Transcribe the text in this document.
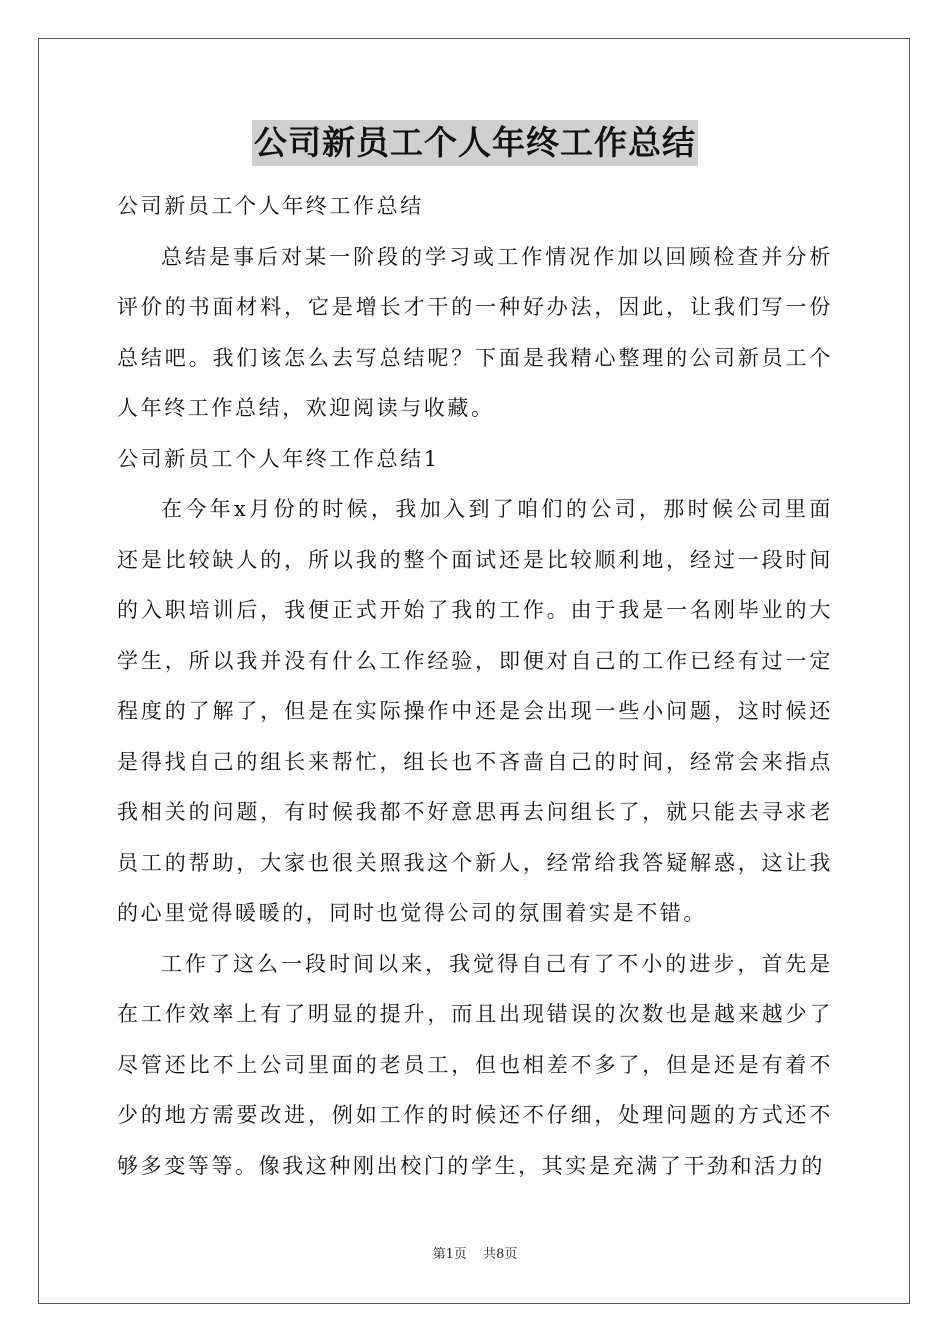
公司新员工个人年终工作总结

公司新员工个人年终工作总结

总结是事后对某一阶段的学习或工作情况作加以回顾检查并分析评价的书面材料，它是增长才干的一种好办法，因此，让我们写一份总结吧。我们该怎么去写总结呢？下面是我精心整理的公司新员工个人年终工作总结，欢迎阅读与收藏。

公司新员工个人年终工作总结1

在今年x月份的时候，我加入到了咱们的公司，那时候公司里面还是比较缺人的，所以我的整个面试还是比较顺利地，经过一段时间的入职培训后，我便正式开始了我的工作。由于我是一名刚毕业的大学生，所以我并没有什么工作经验，即便对自己的工作已经有过一定程度的了解了，但是在实际操作中还是会出现一些小问题，这时候还是得找自己的组长来帮忙，组长也不吝啬自己的时间，经常会来指点我相关的问题，有时候我都不好意思再去问组长了，就只能去寻求老员工的帮助，大家也很关照我这个新人，经常给我答疑解惑，这让我的心里觉得暖暖的，同时也觉得公司的氛围着实是不错。

工作了这么一段时间以来，我觉得自己有了不小的进步，首先是在工作效率上有了明显的提升，而且出现错误的次数也是越来越少了尽管还比不上公司里面的老员工，但也相差不多了，但是还是有着不少的地方需要改进，例如工作的时候还不仔细，处理问题的方式还不够多变等等。像我这种刚出校门的学生，其实是充满了干劲和活力的

第1页 共8页
